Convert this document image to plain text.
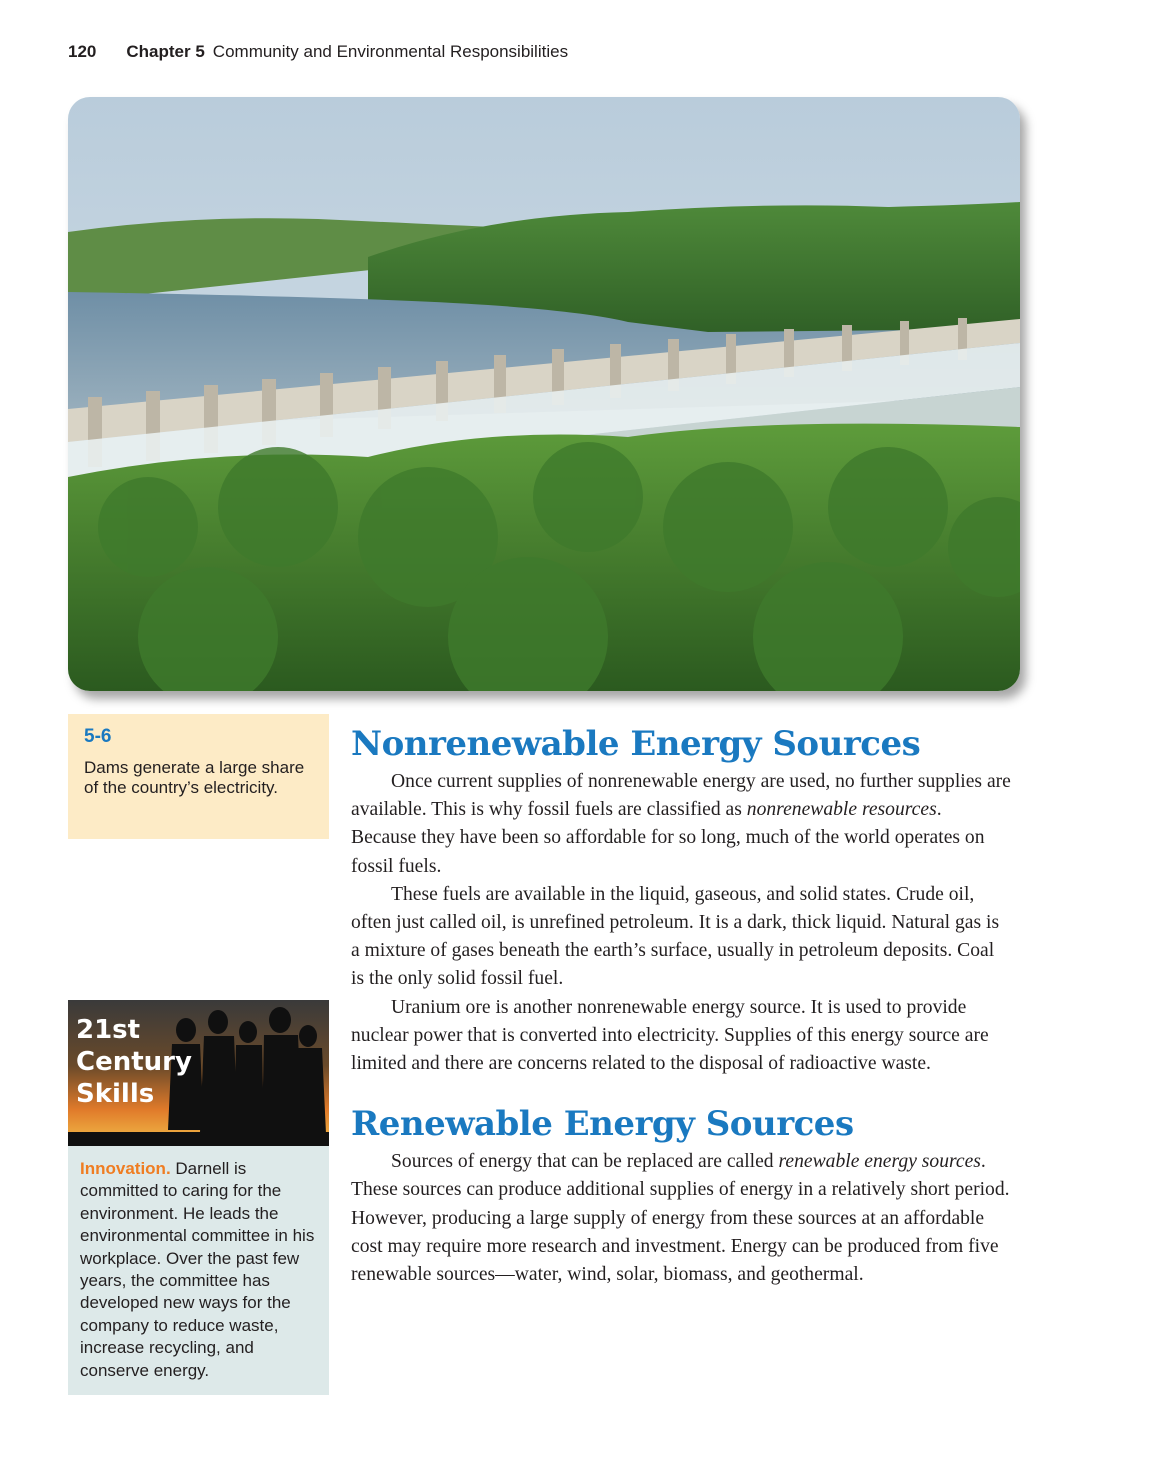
120 Chapter 5 Community and Environmental Responsibilities
5-6
Dams generate a large share of the country’s electricity.
21st
Century
Skills
Innovation. Darnell is committed to caring for the environment. He leads the environmental committee in his workplace. Over the past few years, the committee has developed new ways for the company to reduce waste, increase recycling, and conserve energy.
Nonrenewable Energy Sources

Once current supplies of nonrenewable energy are used, no further supplies are available. This is why fossil fuels are classified as nonrenewable resources. Because they have been so affordable for so long, much of the world operates on fossil fuels.

These fuels are available in the liquid, gaseous, and solid states. Crude oil, often just called oil, is unrefined petroleum. It is a dark, thick liquid. Natural gas is a mixture of gases beneath the earth’s surface, usually in petroleum deposits. Coal is the only solid fossil fuel.

Uranium ore is another nonrenewable energy source. It is used to provide nuclear power that is converted into electricity. Supplies of this energy source are limited and there are concerns related to the disposal of radioactive waste.

Renewable Energy Sources

Sources of energy that can be replaced are called renewable energy sources. These sources can produce additional supplies of energy in a relatively short period. However, producing a large supply of energy from these sources at an affordable cost may require more research and investment. Energy can be produced from five renewable sources—water, wind, solar, biomass, and geothermal.
